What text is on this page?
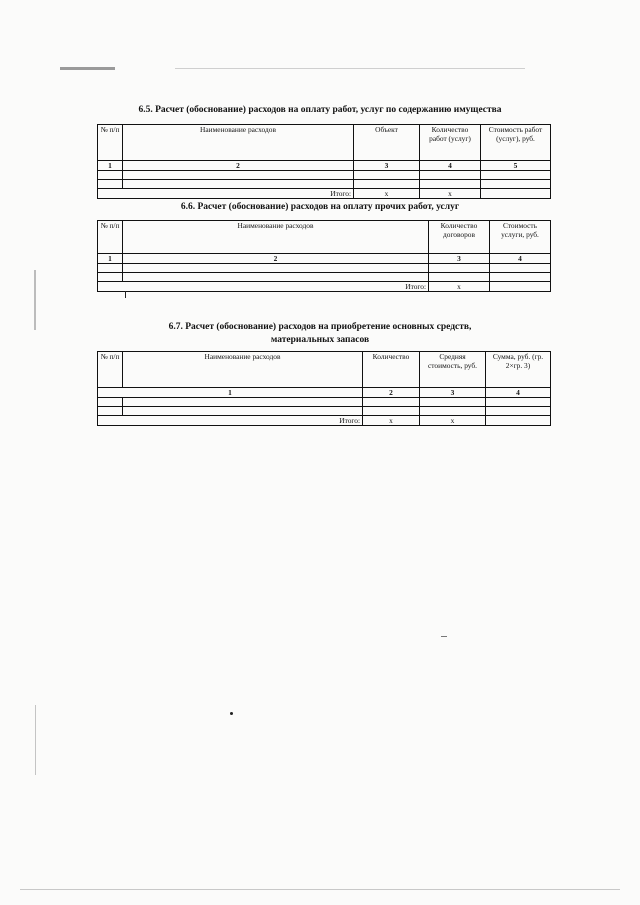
6.5. Расчет (обоснование) расходов на оплату работ, услуг по содержанию имущества

№ п/п	Наименование расходов	Объект	Количество работ (услуг)	Стоимость работ (услуг), руб.
1	2	3	4	5

Итого:		х	х	

6.6. Расчет (обоснование) расходов на оплату прочих работ, услуг

№ п/п	Наименование расходов	Количество договоров	Стоимость услуги, руб.
1	2	3	4

Итого:		х	

6.7. Расчет (обоснование) расходов на приобретение основных средств,

материальных запасов

№ п/п	Наименование расходов	Количество	Средняя стоимость, руб.	Сумма, руб. (гр. 2×гр. 3)
1		2	3	4

Итого:		х	х	
